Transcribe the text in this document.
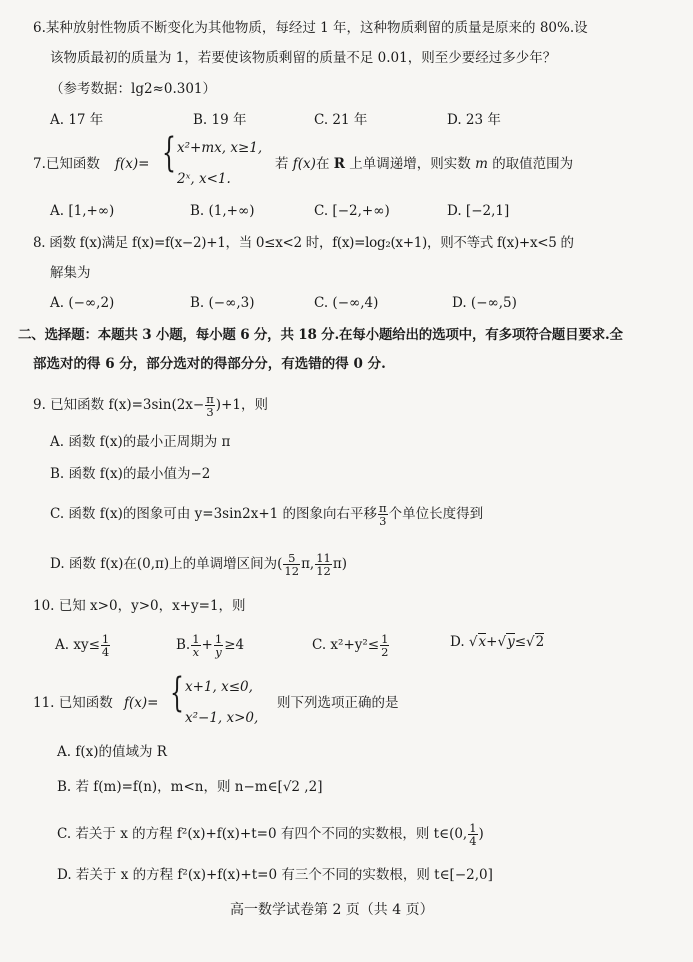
6.某种放射性物质不断变化为其他物质，每经过 1 年，这种物质剩留的质量是原来的 80%.设
该物质最初的质量为 1，若要使该物质剩留的质量不足 0.01，则至少要经过多少年？
（参考数据：lg2≈0.301）
A. 17 年	B. 19 年	C. 21 年	D. 23 年
7.已知函数 f(x)= { x²+mx, x≥1,
2ˣ, x<1.
若 f(x)在 R 上单调递增，则实数 m 的取值范围为
A. [1,+∞)	B. (1,+∞)	C. [−2,+∞)	D. [−2,1]
8. 函数 f(x)满足 f(x)=f(x−2)+1，当 0≤x<2 时，f(x)=log₂(x+1)，则不等式 f(x)+x<5 的
解集为
A. (−∞,2)	B. (−∞,3)	C. (−∞,4)	D. (−∞,5)
二、选择题：本题共 3 小题，每小题 6 分，共 18 分.在每小题给出的选项中，有多项符合题目要求.全
部选对的得 6 分，部分选对的得部分分，有选错的得 0 分.
9. 已知函数 $f(x)=3\sin(2x- \frac{\pi}{3} )+1$，则
A. 函数 f(x)的最小正周期为 π
B. 函数 f(x)的最小值为−2
C. 函数 f(x)的图象可由 y=3sin2x+1 的图象向右平移 $\frac{\pi}{3}$ 个单位长度得到
D. 函数 f(x)在(0,π)上的单调增区间为( $\frac{5}{12} \pi$, $\frac{11}{12} \pi$)
10. 已知 x>0，y>0，x+y=1，则
A. $xy\le \frac{1}{4}$	B. $\frac{1}{x} + \frac{1}{y} \ge 4$	C. $x^2+y^2\le \frac{1}{2}$	D. √x+√y≤√2
11. 已知函数 f(x)= { x+1, x≤0,
x²−1, x>0,
则下列选项正确的是
A. f(x)的值域为 R
B. 若 f(m)=f(n)，m<n，则 n−m∈[√2 ,2]
C. 若关于 x 的方程 f²(x)+f(x)+t=0 有四个不同的实数根，则 t∈(0, $\frac{1}{4}$ )
D. 若关于 x 的方程 f²(x)+f(x)+t=0 有三个不同的实数根，则 t∈[−2,0]
高一数学试卷第 2 页（共 4 页）
